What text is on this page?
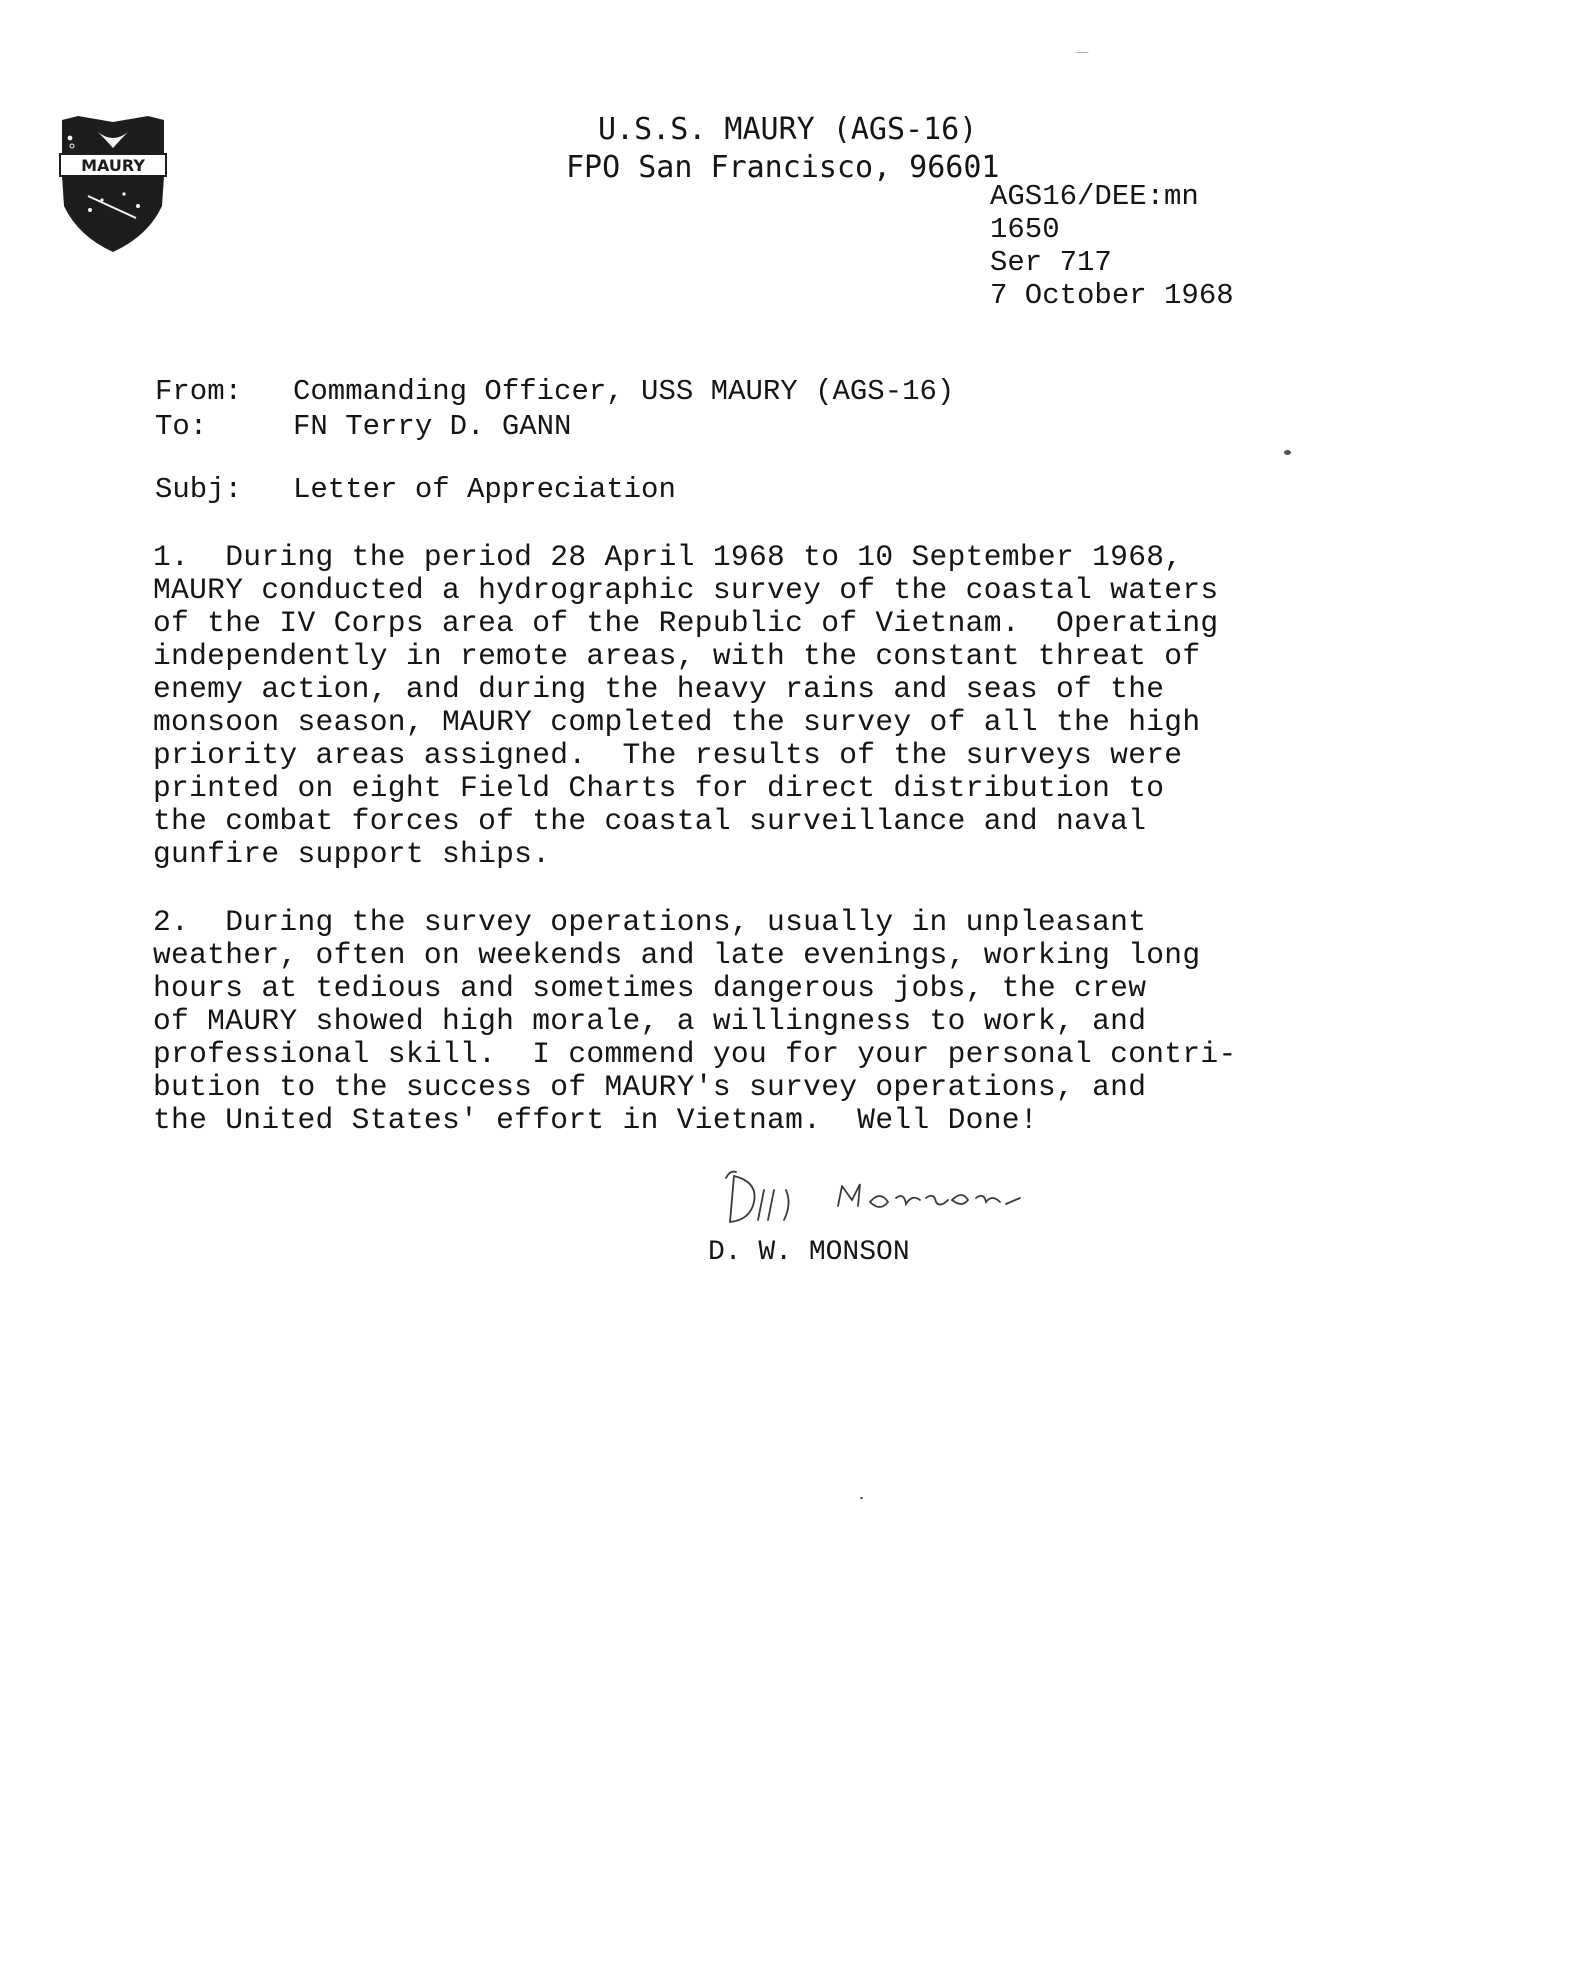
MAURY
U.S.S. MAURY (AGS-16)
FPO San Francisco, 96601
AGS16/DEE:mn
1650
Ser 717
7 October 1968
From: Commanding Officer, USS MAURY (AGS-16)
To:	FN Terry D. GANN
Subj: Letter of Appreciation
1.  During the period 28 April 1968 to 10 September 1968,
MAURY conducted a hydrographic survey of the coastal waters
of the IV Corps area of the Republic of Vietnam.  Operating
independently in remote areas, with the constant threat of
enemy action, and during the heavy rains and seas of the
monsoon season, MAURY completed the survey of all the high
priority areas assigned.  The results of the surveys were
printed on eight Field Charts for direct distribution to
the combat forces of the coastal surveillance and naval
gunfire support ships.
2.  During the survey operations, usually in unpleasant
weather, often on weekends and late evenings, working long
hours at tedious and sometimes dangerous jobs, the crew
of MAURY showed high morale, a willingness to work, and
professional skill.  I commend you for your personal contri-
bution to the success of MAURY's survey operations, and
the United States' effort in Vietnam.  Well Done!
D. W. MONSON
